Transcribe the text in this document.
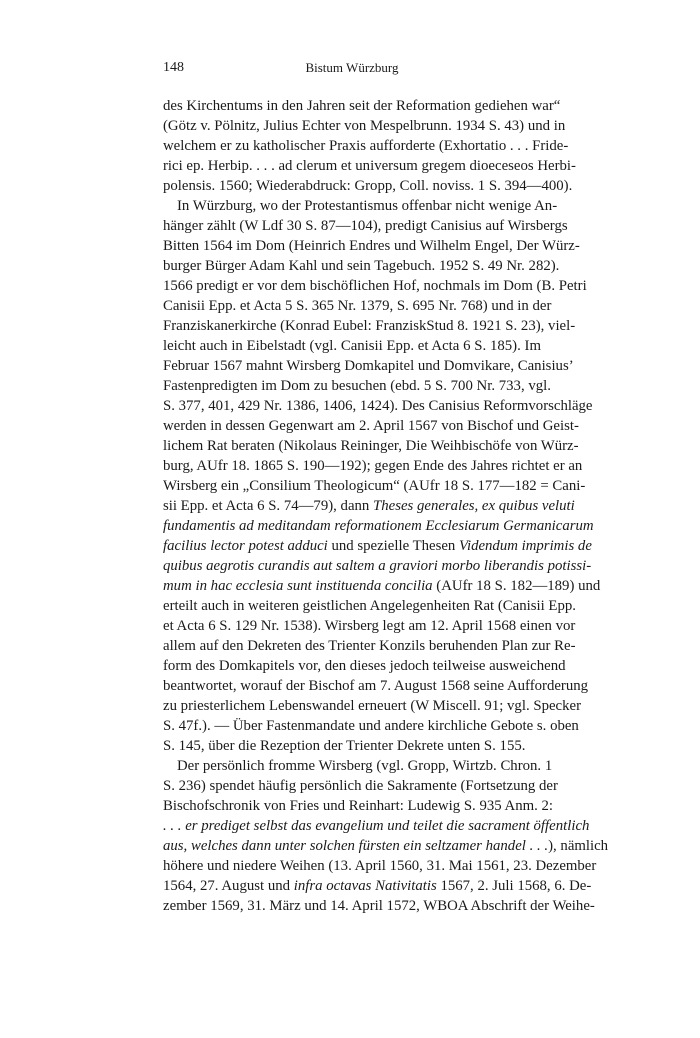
148	Bistum Würzburg
des Kirchentums in den Jahren seit der Reformation gediehen war“
(Götz v. Pölnitz, Julius Echter von Mespelbrunn. 1934 S. 43) und in
welchem er zu katholischer Praxis aufforderte (Exhortatio . . . Fride-
rici ep. Herbip. . . . ad clerum et universum gregem dioeceseos Herbi-
polensis. 1560; Wiederabdruck: Gropp, Coll. noviss. 1 S. 394—400).
In Würzburg, wo der Protestantismus offenbar nicht wenige An-
hänger zählt (W Ldf 30 S. 87—104), predigt Canisius auf Wirsbergs
Bitten 1564 im Dom (Heinrich Endres und Wilhelm Engel, Der Würz-
burger Bürger Adam Kahl und sein Tagebuch. 1952 S. 49 Nr. 282).
1566 predigt er vor dem bischöflichen Hof, nochmals im Dom (B. Petri
Canisii Epp. et Acta 5 S. 365 Nr. 1379, S. 695 Nr. 768) und in der
Franziskanerkirche (Konrad Eubel: FranziskStud 8. 1921 S. 23), viel-
leicht auch in Eibelstadt (vgl. Canisii Epp. et Acta 6 S. 185). Im
Februar 1567 mahnt Wirsberg Domkapitel und Domvikare, Canisius’
Fastenpredigten im Dom zu besuchen (ebd. 5 S. 700 Nr. 733, vgl.
S. 377, 401, 429 Nr. 1386, 1406, 1424). Des Canisius Reformvorschläge
werden in dessen Gegenwart am 2. April 1567 von Bischof und Geist-
lichem Rat beraten (Nikolaus Reininger, Die Weihbischöfe von Würz-
burg, AUfr 18. 1865 S. 190—192); gegen Ende des Jahres richtet er an
Wirsberg ein „Consilium Theologicum“ (AUfr 18 S. 177—182 = Cani-
sii Epp. et Acta 6 S. 74—79), dann Theses generales, ex quibus veluti
fundamentis ad meditandam reformationem Ecclesiarum Germanicarum
facilius lector potest adduci und spezielle Thesen Videndum imprimis de
quibus aegrotis curandis aut saltem a graviori morbo liberandis potissi-
mum in hac ecclesia sunt instituenda concilia (AUfr 18 S. 182—189) und
erteilt auch in weiteren geistlichen Angelegenheiten Rat (Canisii Epp.
et Acta 6 S. 129 Nr. 1538). Wirsberg legt am 12. April 1568 einen vor
allem auf den Dekreten des Trienter Konzils beruhenden Plan zur Re-
form des Domkapitels vor, den dieses jedoch teilweise ausweichend
beantwortet, worauf der Bischof am 7. August 1568 seine Aufforderung
zu priesterlichem Lebenswandel erneuert (W Miscell. 91; vgl. Specker
S. 47f.). — Über Fastenmandate und andere kirchliche Gebote s. oben
S. 145, über die Rezeption der Trienter Dekrete unten S. 155.
Der persönlich fromme Wirsberg (vgl. Gropp, Wirtzb. Chron. 1
S. 236) spendet häufig persönlich die Sakramente (Fortsetzung der
Bischofschronik von Fries und Reinhart: Ludewig S. 935 Anm. 2:
. . . er prediget selbst das evangelium und teilet die sacrament öffentlich
aus, welches dann unter solchen fürsten ein seltzamer handel . . .), nämlich
höhere und niedere Weihen (13. April 1560, 31. Mai 1561, 23. Dezember
1564, 27. August und infra octavas Nativitatis 1567, 2. Juli 1568, 6. De-
zember 1569, 31. März und 14. April 1572, WBOA Abschrift der Weihe-
